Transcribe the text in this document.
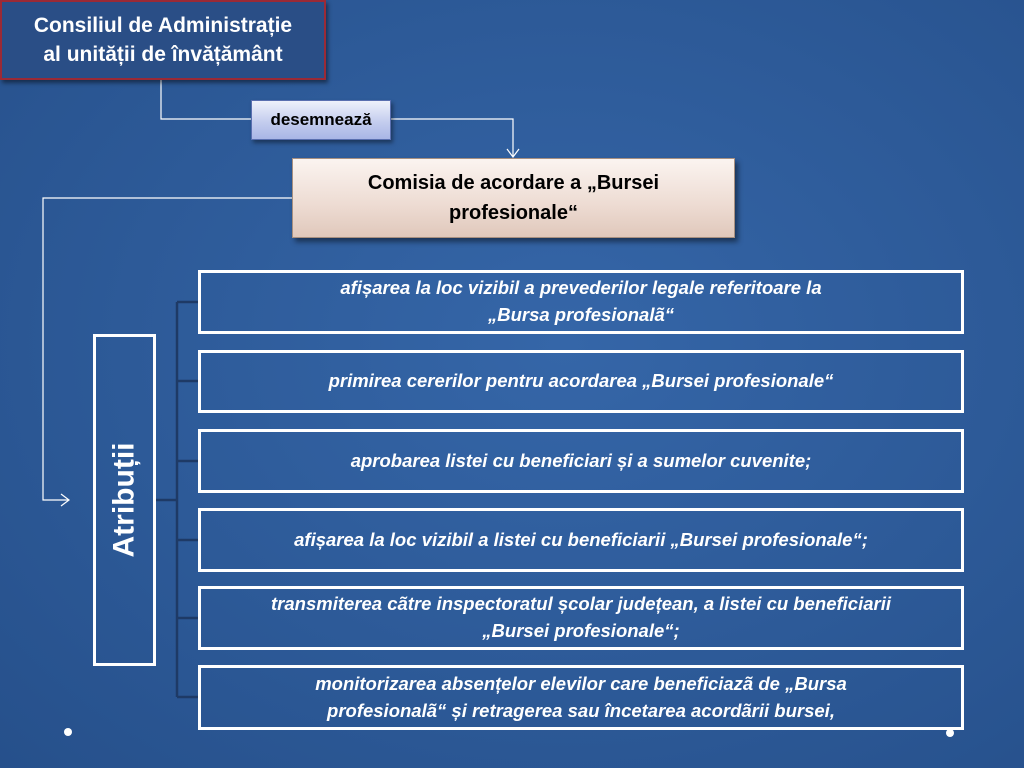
Consiliul de Administrație
al unității de învățământ
desemnează
Comisia de acordare a „Bursei
profesionale“
Atribuții
afișarea la loc vizibil a prevederilor legale referitoare la
„Bursa profesionalã“
primirea cererilor pentru acordarea „Bursei profesionale“
aprobarea listei cu beneficiari și a sumelor cuvenite;
afișarea la loc vizibil a listei cu beneficiarii „Bursei profesionale“;
transmiterea cãtre inspectoratul școlar județean, a listei cu beneficiarii
„Bursei profesionale“;
monitorizarea absențelor elevilor care beneficiazã de „Bursa
profesionalã“ și retragerea sau încetarea acordãrii bursei,
